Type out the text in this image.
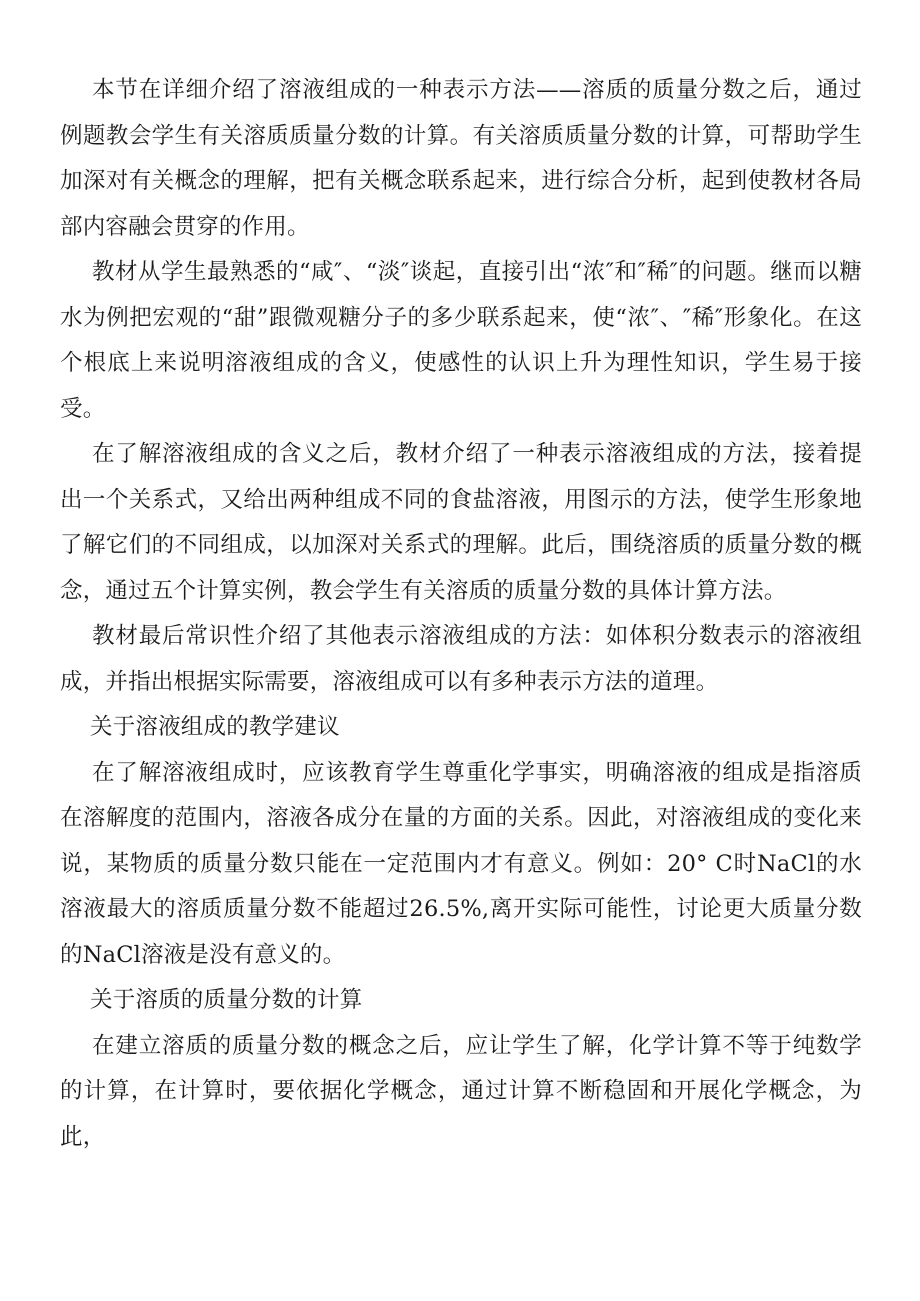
本节在详细介绍了溶液组成的一种表示方法——溶质的质量分数之后，通过例题教会学生有关溶质质量分数的计算。有关溶质质量分数的计算，可帮助学生加深对有关概念的理解，把有关概念联系起来，进行综合分析，起到使教材各局部内容融会贯穿的作用。

教材从学生最熟悉的“咸″、“淡″谈起，直接引出“浓″和″稀″的问题。继而以糖水为例把宏观的“甜”跟微观糖分子的多少联系起来，使“浓″、″稀″形象化。在这个根底上来说明溶液组成的含义，使感性的认识上升为理性知识，学生易于接受。

在了解溶液组成的含义之后，教材介绍了一种表示溶液组成的方法，接着提出一个关系式，又给出两种组成不同的食盐溶液，用图示的方法，使学生形象地了解它们的不同组成，以加深对关系式的理解。此后，围绕溶质的质量分数的概念，通过五个计算实例，教会学生有关溶质的质量分数的具体计算方法。

教材最后常识性介绍了其他表示溶液组成的方法：如体积分数表示的溶液组成，并指出根据实际需要，溶液组成可以有多种表示方法的道理。

关于溶液组成的教学建议

在了解溶液组成时，应该教育学生尊重化学事实，明确溶液的组成是指溶质在溶解度的范围内，溶液各成分在量的方面的关系。因此，对溶液组成的变化来说，某物质的质量分数只能在一定范围内才有意义。例如：20° C时NaCl的水溶液最大的溶质质量分数不能超过26.5%,离开实际可能性，讨论更大质量分数的NaCl溶液是没有意义的。

关于溶质的质量分数的计算

在建立溶质的质量分数的概念之后，应让学生了解，化学计算不等于纯数学的计算，在计算时，要依据化学概念，通过计算不断稳固和开展化学概念，为此，
